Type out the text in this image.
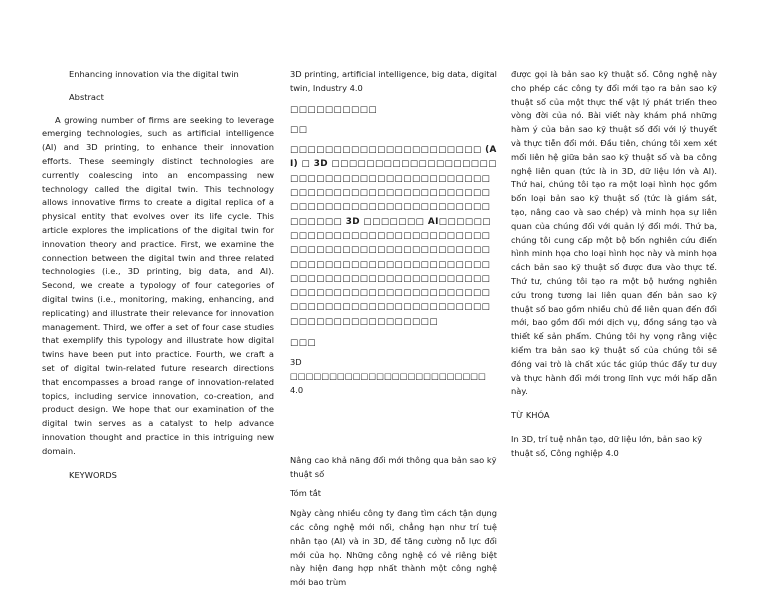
Enhancing innovation via the digital twin

Abstract

A growing number of firms are seeking to leverage emerging technologies, such as artificial intelligence (AI) and 3D printing, to enhance their innovation efforts. These seemingly distinct technologies are currently coalescing into an encompassing new technology called the digital twin. This technology allows innovative firms to create a digital replica of a physical entity that evolves over its life cycle. This article explores the implications of the digital twin for innovation theory and practice. First, we examine the connection between the digital twin and three related technologies (i.e., 3D printing, big data, and AI). Second, we create a typology of four categories of digital twins (i.e., monitoring, making, enhancing, and replicating) and illustrate their relevance for innovation management. Third, we offer a set of four case studies that exemplify this typology and illustrate how digital twins have been put into practice. Fourth, we craft a set of digital twin-related future research directions that encompasses a broad range of innovation-related topics, including service innovation, co-creation, and product design. We hope that our examination of the digital twin serves as a catalyst to help advance innovation thought and practice in this intriguing new domain.

KEYWORDS

3D printing, artificial intelligence, big data, digital twin, Industry 4.0

□□□□□□□□□□

□□

□□□□□□□□□□□□□□□□□□□□□□ (AI) □ 3D □□□□□□□□□□□□□□□□□□□□□□□□□□□□□□□□□□□□□□□□□□□□□□□□□□□□□□□□□□□□□□□□□□□□□□□□□□□□□□□□□□□□□□□□□□□□□□ 3D □□□□□□□ AI□□□□□□□□□□□□□□□□□□□□□□□□□□□□□□□□□□□□□□□□□□□□□□□□□□□□□□□□□□□□□□□□□□□□□□□□□□□□□□□□□□□□□□□□□□□□□□□□□□□□□□□□□□□□□□□□□□□□□□□□□□□□□□□□□□□□□□□□□□□□□□□□□□□□□□□□□□□□□□□□□

□□□

3D □□□□□□□□□□□□□□□□□□□□□□□□□ 4.0

Nâng cao khả năng đổi mới thông qua bản sao kỹ thuật số

Tóm tắt

Ngày càng nhiều công ty đang tìm cách tận dụng các công nghệ mới nổi, chẳng hạn như trí tuệ nhân tạo (AI) và in 3D, để tăng cường nỗ lực đổi mới của họ. Những công nghệ có vẻ riêng biệt này hiện đang hợp nhất thành một công nghệ mới bao trùm

được gọi là bản sao kỹ thuật số. Công nghệ này cho phép các công ty đổi mới tạo ra bản sao kỹ thuật số của một thực thể vật lý phát triển theo vòng đời của nó. Bài viết này khám phá những hàm ý của bản sao kỹ thuật số đổi với lý thuyết và thực tiễn đổi mới. Đầu tiên, chúng tôi xem xét mối liên hệ giữa bản sao kỹ thuật số và ba công nghệ liên quan (tức là in 3D, dữ liệu lớn và AI). Thứ hai, chúng tôi tạo ra một loại hình học gồm bốn loại bản sao kỹ thuật số (tức là giám sát, tạo, nâng cao và sao chép) và minh họa sự liên quan của chúng đối với quản lý đổi mới. Thứ ba, chúng tôi cung cấp một bộ bốn nghiên cứu điển hình minh họa cho loại hình học này và minh họa cách bản sao kỹ thuật số được đưa vào thực tế. Thứ tư, chúng tôi tạo ra một bộ hướng nghiên cứu trong tương lai liên quan đến bản sao kỹ thuật số bao gồm nhiều chủ đề liên quan đến đổi mới, bao gồm đổi mới dịch vụ, đồng sáng tạo và thiết kế sản phẩm. Chúng tôi hy vọng rằng việc kiểm tra bản sao kỹ thuật số của chúng tôi sẽ đóng vai trò là chất xúc tác giúp thúc đẩy tư duy và thực hành đổi mới trong lĩnh vực mới hấp dẫn này.

TỪ KHÓA

In 3D, trí tuệ nhân tạo, dữ liệu lớn, bản sao kỹ thuật số, Công nghiệp 4.0
